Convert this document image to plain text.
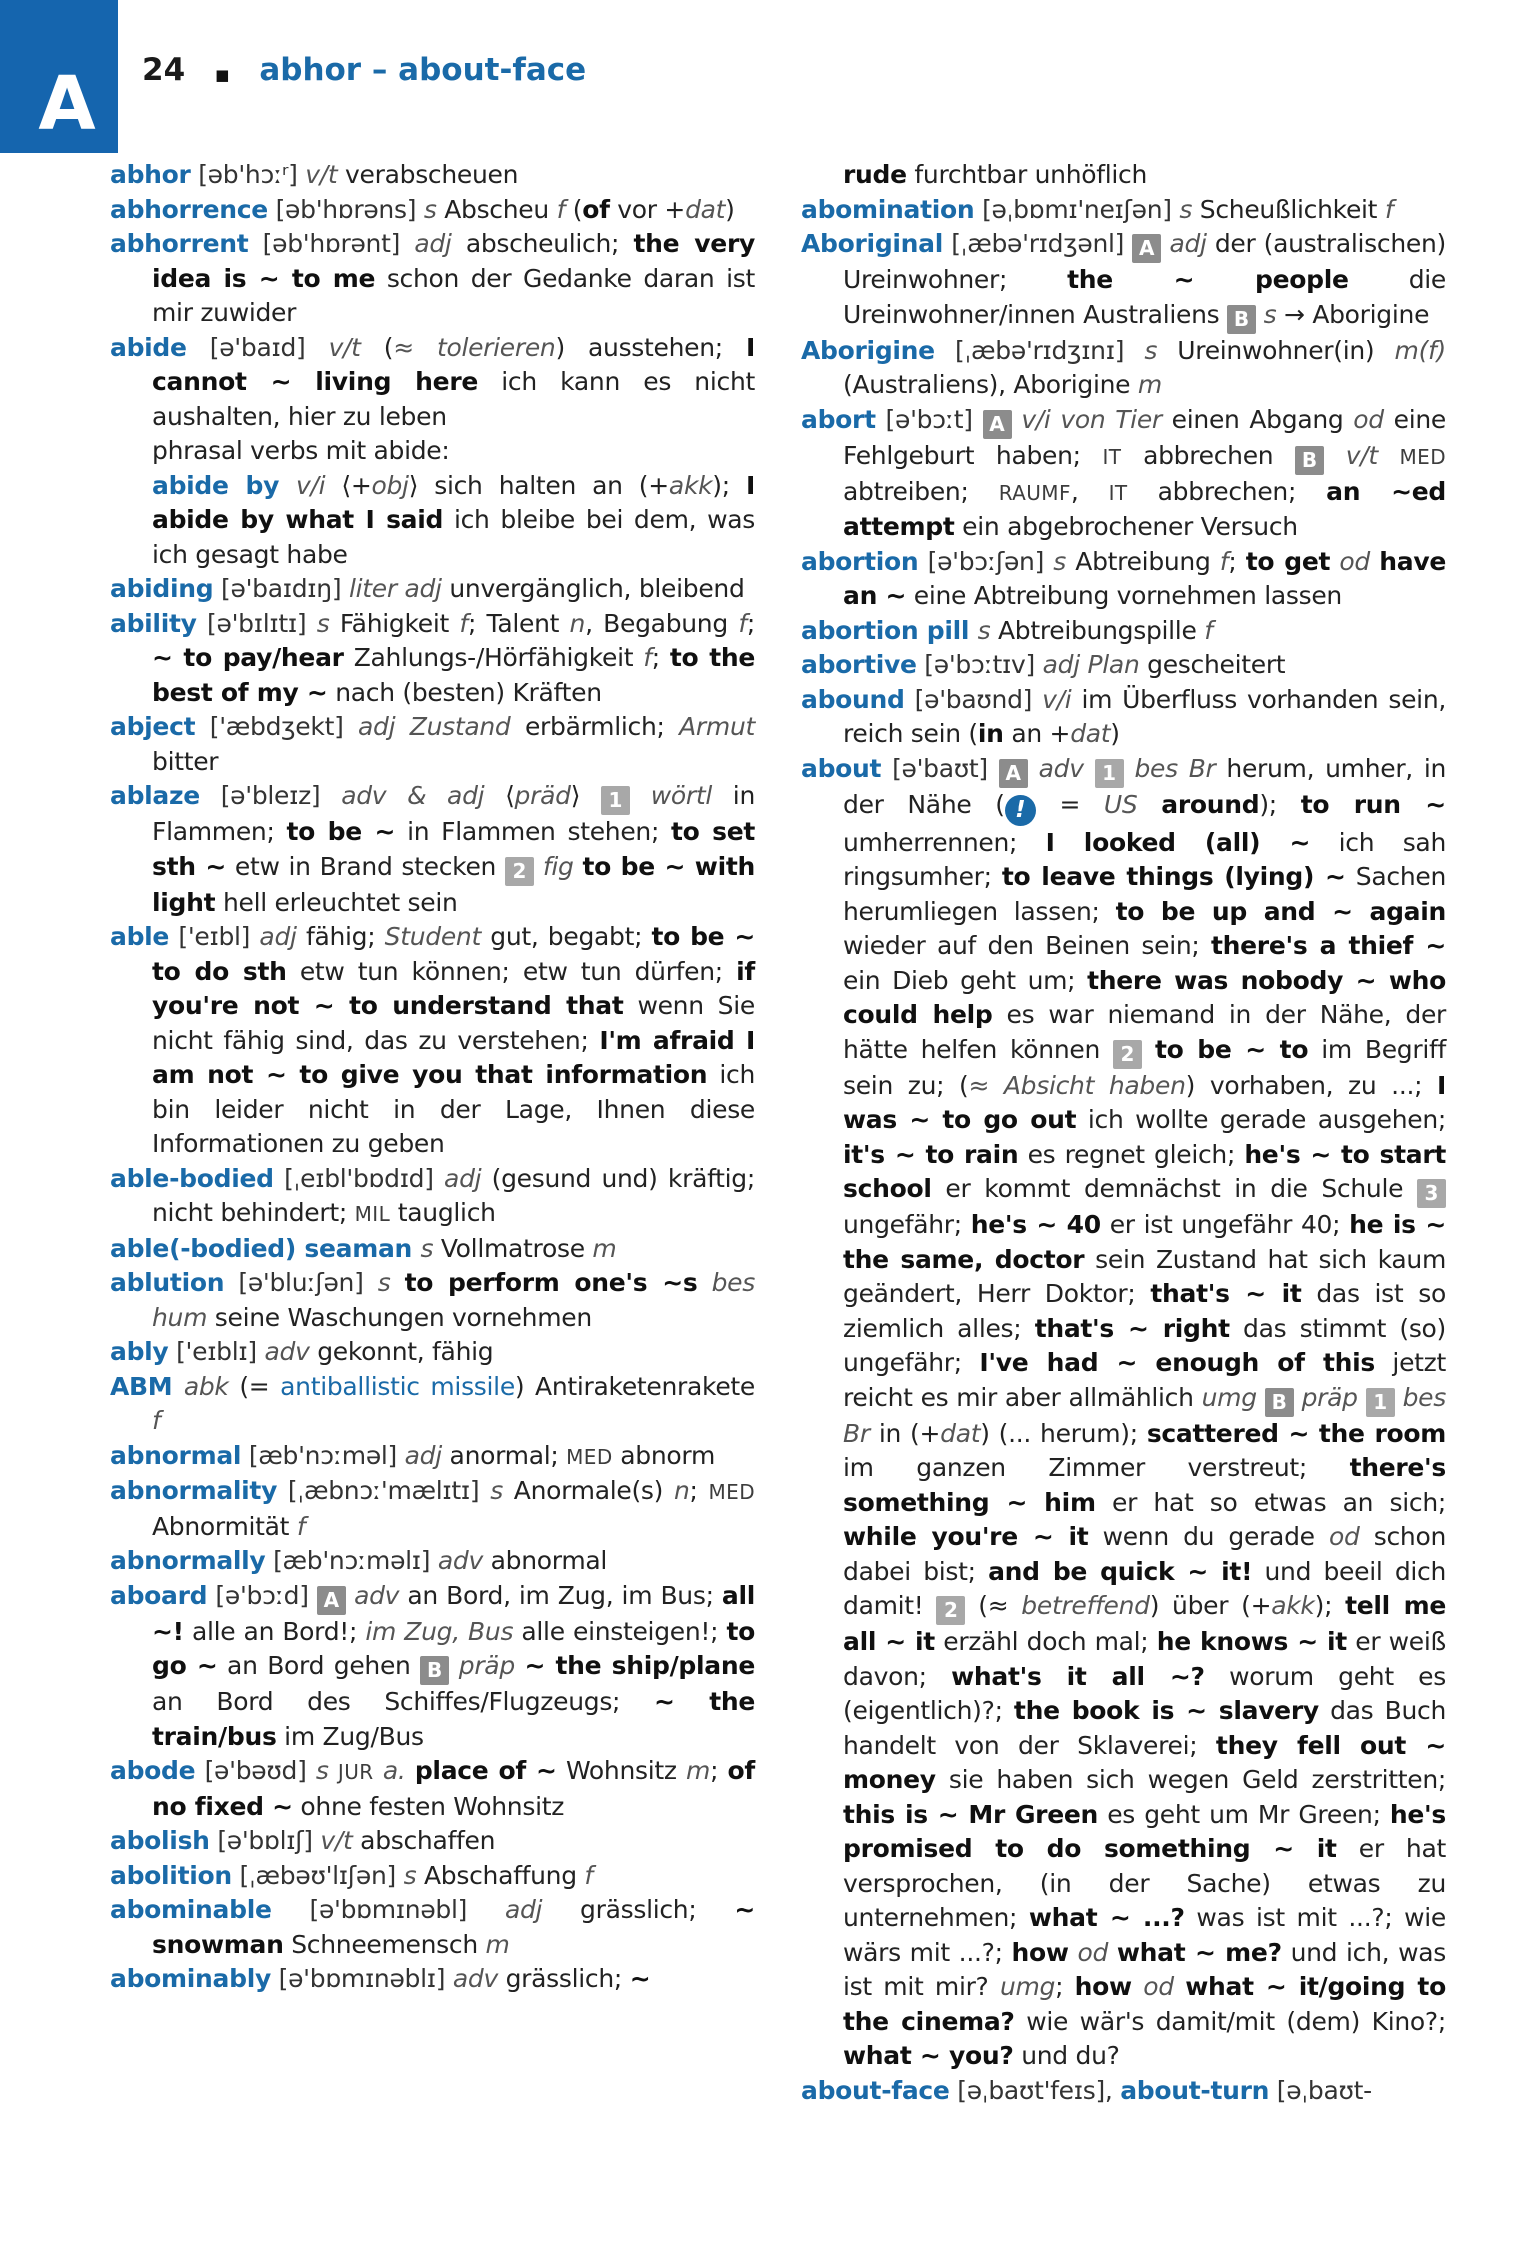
A 24 ■ abhor – about-face

abhor [əb'hɔːʳ] v/t verabscheuen

abhorrence [əb'hɒrəns] s Abscheu f (of vor +dat)

abhorrent [əb'hɒrənt] adj abscheulich; the very idea is ~ to me schon der Gedanke daran ist mir zuwider

abide [ə'baɪd] v/t (≈ tolerieren) ausstehen; I cannot ~ living here ich kann es nicht aushalten, hier zu leben

phrasal verbs mit abide:

abide by v/i ⟨+obj⟩ sich halten an (+akk); I abide by what I said ich bleibe bei dem, was ich gesagt habe

abiding [ə'baɪdɪŋ] liter adj unvergänglich, bleibend

ability [ə'bɪlɪtɪ] s Fähigkeit f; Talent n, Begabung f; ~ to pay/hear Zahlungs-/Hörfähigkeit f; to the best of my ~ nach (besten) Kräften

abject ['æbdʒekt] adj Zustand erbärmlich; Armut bitter

ablaze [ə'bleɪz] adv & adj ⟨präd⟩ 1 wörtl in Flammen; to be ~ in Flammen stehen; to set sth ~ etw in Brand stecken 2 fig to be ~ with light hell erleuchtet sein

able ['eɪbl] adj fähig; Student gut, begabt; to be ~ to do sth etw tun können; etw tun dürfen; if you're not ~ to understand that wenn Sie nicht fähig sind, das zu verstehen; I'm afraid I am not ~ to give you that information ich bin leider nicht in der Lage, Ihnen diese Informationen zu geben

able-bodied [ˌeɪbl'bɒdɪd] adj (gesund und) kräftig; nicht behindert; MIL tauglich

able(-bodied) seaman s Vollmatrose m

ablution [ə'bluːʃən] s to perform one's ~s bes hum seine Waschungen vornehmen

ably ['eɪblɪ] adv gekonnt, fähig

ABM abk (= antiballistic missile) Antiraketenrakete f

abnormal [æb'nɔːməl] adj anormal; MED abnorm

abnormality [ˌæbnɔː'mælɪtɪ] s Anormale(s) n; MED Abnormität f

abnormally [æb'nɔːməlɪ] adv abnormal

aboard [ə'bɔːd] A adv an Bord, im Zug, im Bus; all ~! alle an Bord!; im Zug, Bus alle einsteigen!; to go ~ an Bord gehen B präp ~ the ship/plane an Bord des Schiffes/Flugzeugs; ~ the train/bus im Zug/Bus

abode [ə'bəʊd] s JUR a. place of ~ Wohnsitz m; of no fixed ~ ohne festen Wohnsitz

abolish [ə'bɒlɪʃ] v/t abschaffen

abolition [ˌæbəʊ'lɪʃən] s Abschaffung f

abominable [ə'bɒmɪnəbl] adj grässlich; ~ snowman Schneemensch m

abominably [ə'bɒmɪnəblɪ] adv grässlich; ~

rude furchtbar unhöflich

abomination [əˌbɒmɪ'neɪʃən] s Scheußlichkeit f

Aboriginal [ˌæbə'rɪdʒənl] A adj der (australischen) Ureinwohner; the ~ people die Ureinwohner/innen Australiens B s → Aborigine

Aborigine [ˌæbə'rɪdʒɪnɪ] s Ureinwohner(in) m(f) (Australiens), Aborigine m

abort [ə'bɔːt] A v/i von Tier einen Abgang od eine Fehlgeburt haben; IT abbrechen B v/t MED abtreiben; RAUMF, IT abbrechen; an ~ed attempt ein abgebrochener Versuch

abortion [ə'bɔːʃən] s Abtreibung f; to get od have an ~ eine Abtreibung vornehmen lassen

abortion pill s Abtreibungspille f

abortive [ə'bɔːtɪv] adj Plan gescheitert

abound [ə'baʊnd] v/i im Überfluss vorhanden sein, reich sein (in an +dat)

about [ə'baʊt] A adv 1 bes Br herum, umher, in der Nähe ( ! = US around); to run ~ umherrennen; I looked (all) ~ ich sah ringsumher; to leave things (lying) ~ Sachen herumliegen lassen; to be up and ~ again wieder auf den Beinen sein; there's a thief ~ ein Dieb geht um; there was nobody ~ who could help es war niemand in der Nähe, der hätte helfen können 2 to be ~ to im Begriff sein zu; (≈ Absicht haben) vorhaben, zu ...; I was ~ to go out ich wollte gerade ausgehen; it's ~ to rain es regnet gleich; he's ~ to start school er kommt demnächst in die Schule 3 ungefähr; he's ~ 40 er ist ungefähr 40; he is ~ the same, doctor sein Zustand hat sich kaum geändert, Herr Doktor; that's ~ it das ist so ziemlich alles; that's ~ right das stimmt (so) ungefähr; I've had ~ enough of this jetzt reicht es mir aber allmählich umg B präp 1 bes Br in (+dat) (... herum); scattered ~ the room im ganzen Zimmer verstreut; there's something ~ him er hat so etwas an sich; while you're ~ it wenn du gerade od schon dabei bist; and be quick ~ it! und beeil dich damit! 2 (≈ betreffend) über (+akk); tell me all ~ it erzähl doch mal; he knows ~ it er weiß davon; what's it all ~? worum geht es (eigentlich)?; the book is ~ slavery das Buch handelt von der Sklaverei; they fell out ~ money sie haben sich wegen Geld zerstritten; this is ~ Mr Green es geht um Mr Green; he's promised to do something ~ it er hat versprochen, (in der Sache) etwas zu unternehmen; what ~ ...? was ist mit ...?; wie wärs mit ...?; how od what ~ me? und ich, was ist mit mir? umg; how od what ~ it/going to the cinema? wie wär's damit/mit (dem) Kino?; what ~ you? und du?

about-face [əˌbaʊt'feɪs], about-turn [əˌbaʊt-
